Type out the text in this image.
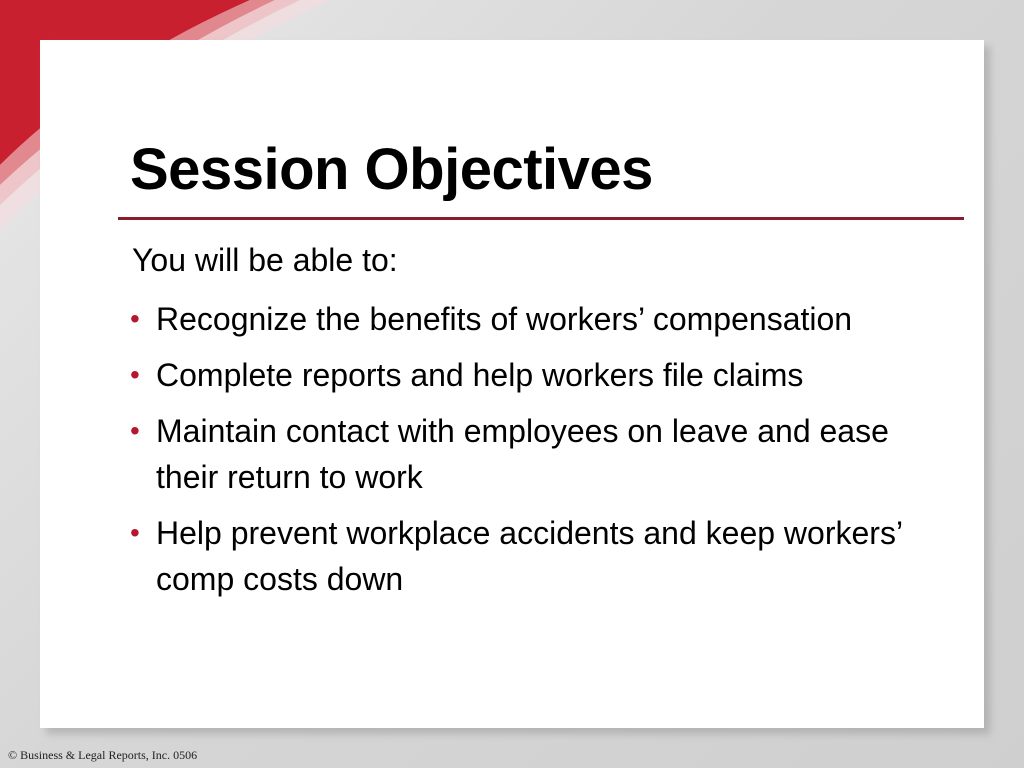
Session Objectives

You will be able to:

• Recognize the benefits of workers’ compensation
• Complete reports and help workers file claims
• Maintain contact with employees on leave and ease their return to work
• Help prevent workplace accidents and keep workers’ comp costs down

© Business & Legal Reports, Inc. 0506
